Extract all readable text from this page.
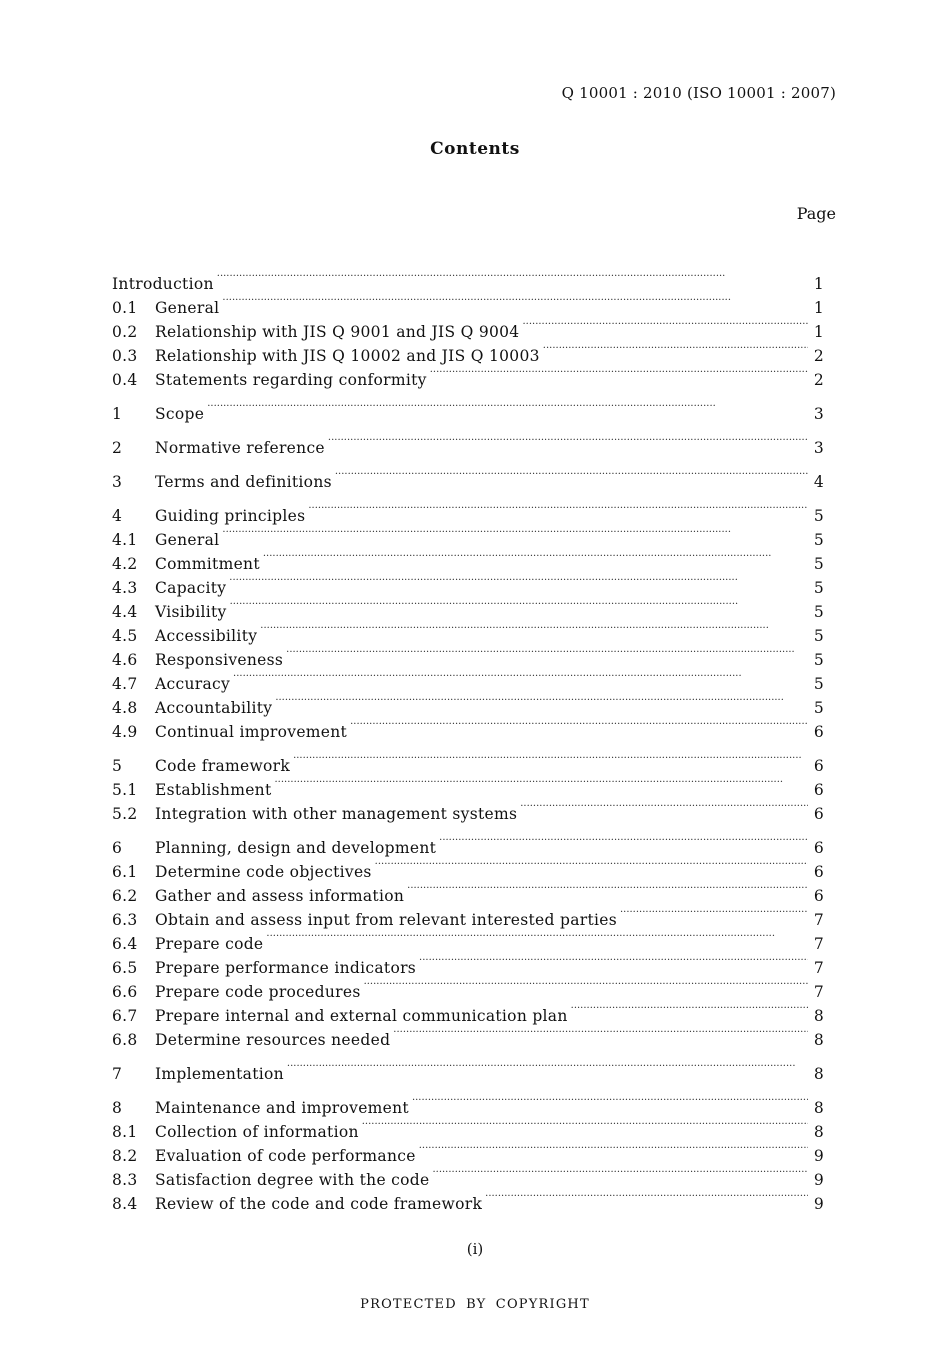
Q 10001 : 2010 (ISO 10001 : 2007)
Contents
Page
Introduction ·····	1
0.1	General ·····	1
0.2	Relationship with JIS Q 9001 and JIS Q 9004 ·····	1
0.3	Relationship with JIS Q 10002 and JIS Q 10003 ·····	2
0.4	Statements regarding conformity ·····	2
1	Scope ·····	3
2	Normative reference ·····	3
3	Terms and definitions ·····	4
4	Guiding principles ·····	5
4.1	General ·····	5
4.2	Commitment ·····	5
4.3	Capacity ·····	5
4.4	Visibility ·····	5
4.5	Accessibility ·····	5
4.6	Responsiveness ·····	5
4.7	Accuracy ·····	5
4.8	Accountability ·····	5
4.9	Continual improvement ·····	6
5	Code framework ·····	6
5.1	Establishment ·····	6
5.2	Integration with other management systems ·····	6
6	Planning, design and development ·····	6
6.1	Determine code objectives ·····	6
6.2	Gather and assess information ·····	6
6.3	Obtain and assess input from relevant interested parties ·····	7
6.4	Prepare code ·····	7
6.5	Prepare performance indicators ·····	7
6.6	Prepare code procedures ·····	7
6.7	Prepare internal and external communication plan ·····	8
6.8	Determine resources needed ·····	8
7	Implementation ·····	8
8	Maintenance and improvement ·····	8
8.1	Collection of information ·····	8
8.2	Evaluation of code performance ·····	9
8.3	Satisfaction degree with the code ·····	9
8.4	Review of the code and code framework ·····	9
(i)
PROTECTED BY COPYRIGHT
